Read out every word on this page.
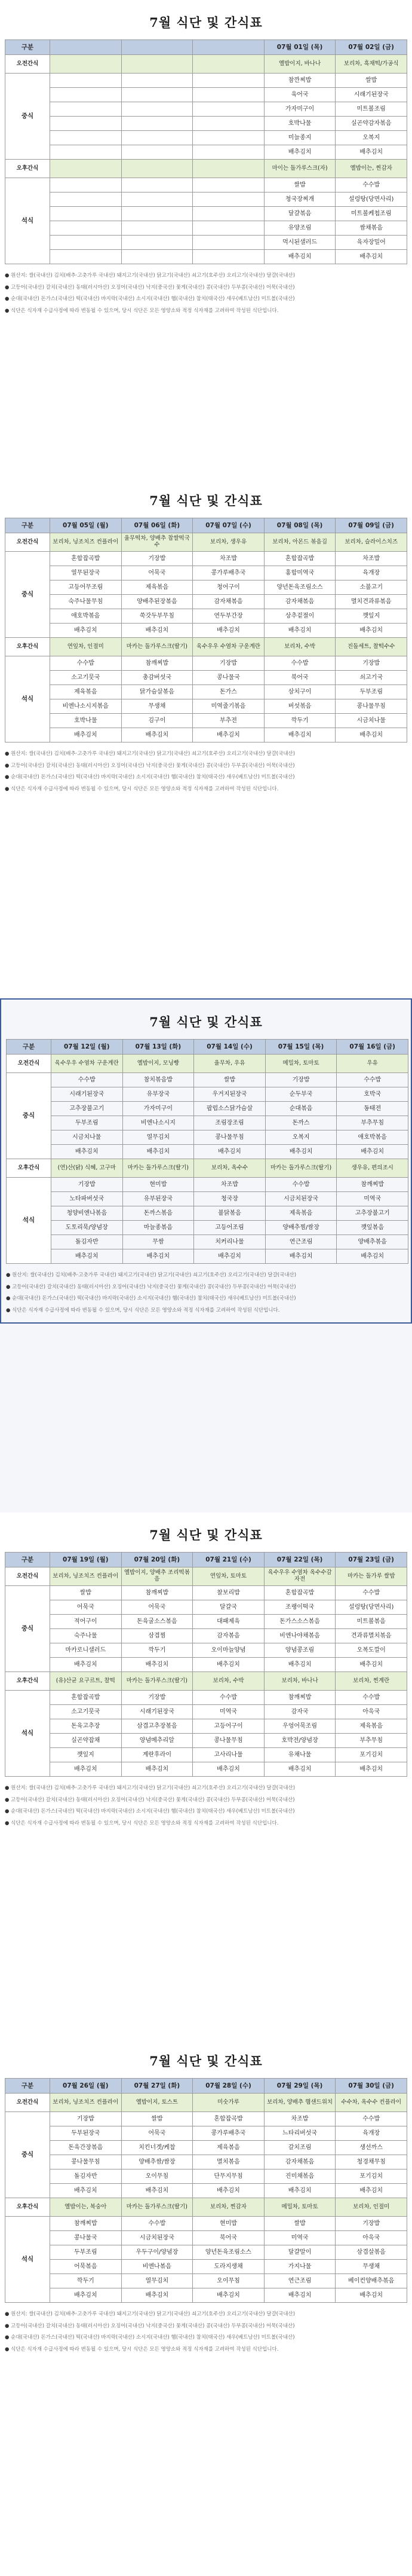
7월 식단 및 간식표
구분				07월 01일 (목)	07월 02일 (금)
오전간식				옐밥이지, 바나나	보리차, 흑채떡/가공식
중식				참깐찌밥	쌀밥
				육어국	시래기된장국
				가자미구이	미트볼조림
				호박나물	실곤약감자볶음
				미늘종지	오복지
				배추김치	배추김치
오후간식				마이는 돌가루스크(자)	옐밥이는, 찐감자
석식				쌀밥	수수밥
				청국장찌개	설렁탕(당면사리)
				달걀볶음	미트볼케첩조림
				유양조림	쌈채볶음
				먹시된샐러드	육자장밀어
				배추김치	배추김치

● 원산지: 쌀(국내산) 김치(배추·고춧가루 국내산) 돼지고기(국내산) 닭고기(국내산) 쇠고기(호주산) 오리고기(국내산) 달걀(국내산)

● 고등어(국내산) 갈치(국내산) 동태(러시아산) 오징어(국내산) 낙지(중국산) 꽃게(국내산) 콩(국내산) 두부콩(국내산) 어묵(국내산)

● 순대(국내산) 돈가스(국내산) 떡(국내산) 바지락(국내산) 소시지(국내산) 햄(국내산) 참치(태국산) 새우(베트남산) 미트볼(국내산)

● 식단은 식자재 수급사정에 따라 변동될 수 있으며, 당시 식단은 모든 영양소와 적정 식자재를 고려하여 작성된 식단입니다.

7월 식단 및 간식표
구분	07월 05일 (월)	07월 06일 (화)	07월 07일 (수)	07월 08일 (목)	07월 09일 (금)
오전간식	보리차, 닝조치즈 컨플라이	율무떡차, 양배추 찹쌀떡국수	보리차, 생우유	보리차, 아몬드 볶음김	보리차, 슬라이스치즈
중식	혼합잡곡밥	기장밥	차조밥	혼합잡곡밥	차조밥
	열무된장국	어묵국	콩가루배추국	홍합미역국	육개장
	고등어무조림	제육볶음	청어구이	양년돈육조림소스	소불고기
	숙주나물무침	양배추된장볶음	감자채볶음	감자채볶음	멸치견과류볶음
	애호박볶음	쑥갓두부무침	연두부간장	상추겉절이	깻잎지
	배추김치	배추김치	배추김치	배추김치	배추김치
오후간식	연잎차, 인절미	마카는 돌가루스크(딸기)	육수우우 수염차 구운계란	보리차, 수박	진돌세트, 찰떡수수
석식	수수밥	참깨찌밥	기장밥	수수밥	기장밥
	소고기뭇국	총감버섯국	콩나물국	북어국	쇠고기국
	제육볶음	닭가슴살볶음	돈가스	삼치구이	두부조림
	비엔나소시지볶음	무생채	미역줄기볶음	버섯볶음	콩나물무침
	호박나물	김구이	부추전	깍두기	시금치나물
	배추김치	배추김치	배추김치	배추김치	배추김치

● 원산지: 쌀(국내산) 김치(배추·고춧가루 국내산) 돼지고기(국내산) 닭고기(국내산) 쇠고기(호주산) 오리고기(국내산) 달걀(국내산)

● 고등어(국내산) 갈치(국내산) 동태(러시아산) 오징어(국내산) 낙지(중국산) 꽃게(국내산) 콩(국내산) 두부콩(국내산) 어묵(국내산)

● 순대(국내산) 돈가스(국내산) 떡(국내산) 바지락(국내산) 소시지(국내산) 햄(국내산) 참치(태국산) 새우(베트남산) 미트볼(국내산)

● 식단은 식자재 수급사정에 따라 변동될 수 있으며, 당시 식단은 모든 영양소와 적정 식자재를 고려하여 작성된 식단입니다.

7월 식단 및 간식표
구분	07월 12일 (월)	07월 13일 (화)	07월 14일 (수)	07월 15일 (목)	07월 16일 (금)
오전간식	육수우우 수염차 구운계란	옐밥이지, 모닝빵	율무차, 우유	메밀차, 토마토	우유
중식	수수밥	참치볶음밥	쌀밥	기장밥	수수밥
	시래기된장국	유부장국	우거지된장국	순두부국	호박국
	고추장불고기	가자미구이	팝럽소스닭가슴살	순대볶음	동태전
	두부조림	비엔나소시지	조림장조림	돈까스	부추무침
	시금치나물	열무김치	콩나물무침	오복지	애호박볶음
	배추김치	배추김치	배추김치	배추김치	배추김치
오후간식	(연)산(닭) 식혜, 고구마	마카는 돌가루스크(딸기)	보리차, 옥수수	마카는 돌가루스크(딸기)	생우유, 편의조시
석식	기장밥	현미밥	차조밥	수수밥	참깨찌밥
	노타파버섯국	유부된장국	청국장	시금치된장국	미역국
	청양비엔나볶음	돈까스볶음	불닭볶음	제육볶음	고추장불고기
	도토리묵/양념장	마늘종볶음	고등어조림	양배추찜/쌈장	깻잎볶음
	돌김자반	무쌈	치커리나물	연근조림	양배추볶음
	배추김치	배추김치	배추김치	배추김치	배추김치

● 원산지: 쌀(국내산) 김치(배추·고춧가루 국내산) 돼지고기(국내산) 닭고기(국내산) 쇠고기(호주산) 오리고기(국내산) 달걀(국내산)

● 고등어(국내산) 갈치(국내산) 동태(러시아산) 오징어(국내산) 낙지(중국산) 꽃게(국내산) 콩(국내산) 두부콩(국내산) 어묵(국내산)

● 순대(국내산) 돈가스(국내산) 떡(국내산) 바지락(국내산) 소시지(국내산) 햄(국내산) 참치(태국산) 새우(베트남산) 미트볼(국내산)

● 식단은 식자재 수급사정에 따라 변동될 수 있으며, 당시 식단은 모든 영양소와 적정 식자재를 고려하여 작성된 식단입니다.

7월 식단 및 간식표
구분	07월 19일 (월)	07월 20일 (화)	07월 21일 (수)	07월 22일 (목)	07월 23일 (금)
오전간식	보리차, 닝조치즈 컨플라이	옐밥이지, 양배추 조리떡볶음	연잎차, 토마토	육수우우 수염차 옥수수감자전	마카는 돌가루 쌀밥
중식	쌀밥	참깨찌밥	찰보리밥	혼합잡곡밥	수수밥
	어묵국	어묵국	달걀국	조랭이떡국	설렁탕(당면사리)
	적어구이	돈육굴소스볶음	대패제육	돈가스소스볶음	미트볼볶음
	숙주나물	삼겹찜	감자볶음	비엔나야채볶음	견과류멸치볶음
	마카로니샐러드	깍두기	오이마늘양념	양념콩조림	오복도깔이
	배추김치	배추김치	배추김치	배추김치	배추김치
오후간식	(유)산균 요구르트, 찰떡	마카는 돌가루스크(딸기)	보리차, 수박	보리차, 바나나	보리차, 찐계란
석식	혼합잡곡밥	기장밥	수수밥	참깨찌밥	수수밥
	소고기뭇국	시래기된장국	미역국	감자국	아욱국
	돈육고추장	삼겹고추장볶음	고등어구이	우엉어묵조림	제육볶음
	실곤약잡채	양념메추리알	콩나물무침	호박전/양념장	부추무침
	깻잎지	계란후라이	고사리나물	유채나물	포기김치
	배추김치	배추김치	배추김치	배추김치	배추김치

● 원산지: 쌀(국내산) 김치(배추·고춧가루 국내산) 돼지고기(국내산) 닭고기(국내산) 쇠고기(호주산) 오리고기(국내산) 달걀(국내산)

● 고등어(국내산) 갈치(국내산) 동태(러시아산) 오징어(국내산) 낙지(중국산) 꽃게(국내산) 콩(국내산) 두부콩(국내산) 어묵(국내산)

● 순대(국내산) 돈가스(국내산) 떡(국내산) 바지락(국내산) 소시지(국내산) 햄(국내산) 참치(태국산) 새우(베트남산) 미트볼(국내산)

● 식단은 식자재 수급사정에 따라 변동될 수 있으며, 당시 식단은 모든 영양소와 적정 식자재를 고려하여 작성된 식단입니다.

7월 식단 및 간식표
구분	07월 26일 (월)	07월 27일 (화)	07월 28일 (수)	07월 29일 (목)	07월 30일 (금)
오전간식	보리차, 닝조치즈 컨플라이	옐밥이지, 토스트	미숫가루	보리차, 양배추 햄샌드위치	수수차, 옥수수 컨플라이
중식	기장밥	쌀밥	혼합잡곡밥	차조밥	수수밥
	두부된장국	어묵국	콩가루배추국	느타리버섯국	육개장
	돈육간장볶음	치킨너겟/케찹	제육볶음	갈치조림	생선까스
	콩나물무침	양배추쌈/쌈장	멸치볶음	감자채볶음	청경채무침
	돌김자반	오이무침	단무지무침	진미채볶음	포기김치
	배추김치	배추김치	배추김치	배추김치	배추김치
오후간식	옐밥이는, 복숭아	마카는 돌가루스크(딸기)	보리차, 찐감자	메밀차, 토마토	보리차, 인절미
석식	참깨찌밥	수수밥	현미밥	쌀밥	기장밥
	콩나물국	시금치된장국	북어국	미역국	아욱국
	두부조림	우두구이/양념장	양년돈육조림소스	달걀말이	삼겹살볶음
	어묵볶음	비엔나볶음	도라지생채	가지나물	무생채
	깍두기	열무김치	오이무침	연근조림	베이컨양배추볶음
	배추김치	배추김치	배추김치	배추김치	배추김치

● 원산지: 쌀(국내산) 김치(배추·고춧가루 국내산) 돼지고기(국내산) 닭고기(국내산) 쇠고기(호주산) 오리고기(국내산) 달걀(국내산)

● 고등어(국내산) 갈치(국내산) 동태(러시아산) 오징어(국내산) 낙지(중국산) 꽃게(국내산) 콩(국내산) 두부콩(국내산) 어묵(국내산)

● 순대(국내산) 돈가스(국내산) 떡(국내산) 바지락(국내산) 소시지(국내산) 햄(국내산) 참치(태국산) 새우(베트남산) 미트볼(국내산)

● 식단은 식자재 수급사정에 따라 변동될 수 있으며, 당시 식단은 모든 영양소와 적정 식자재를 고려하여 작성된 식단입니다.
